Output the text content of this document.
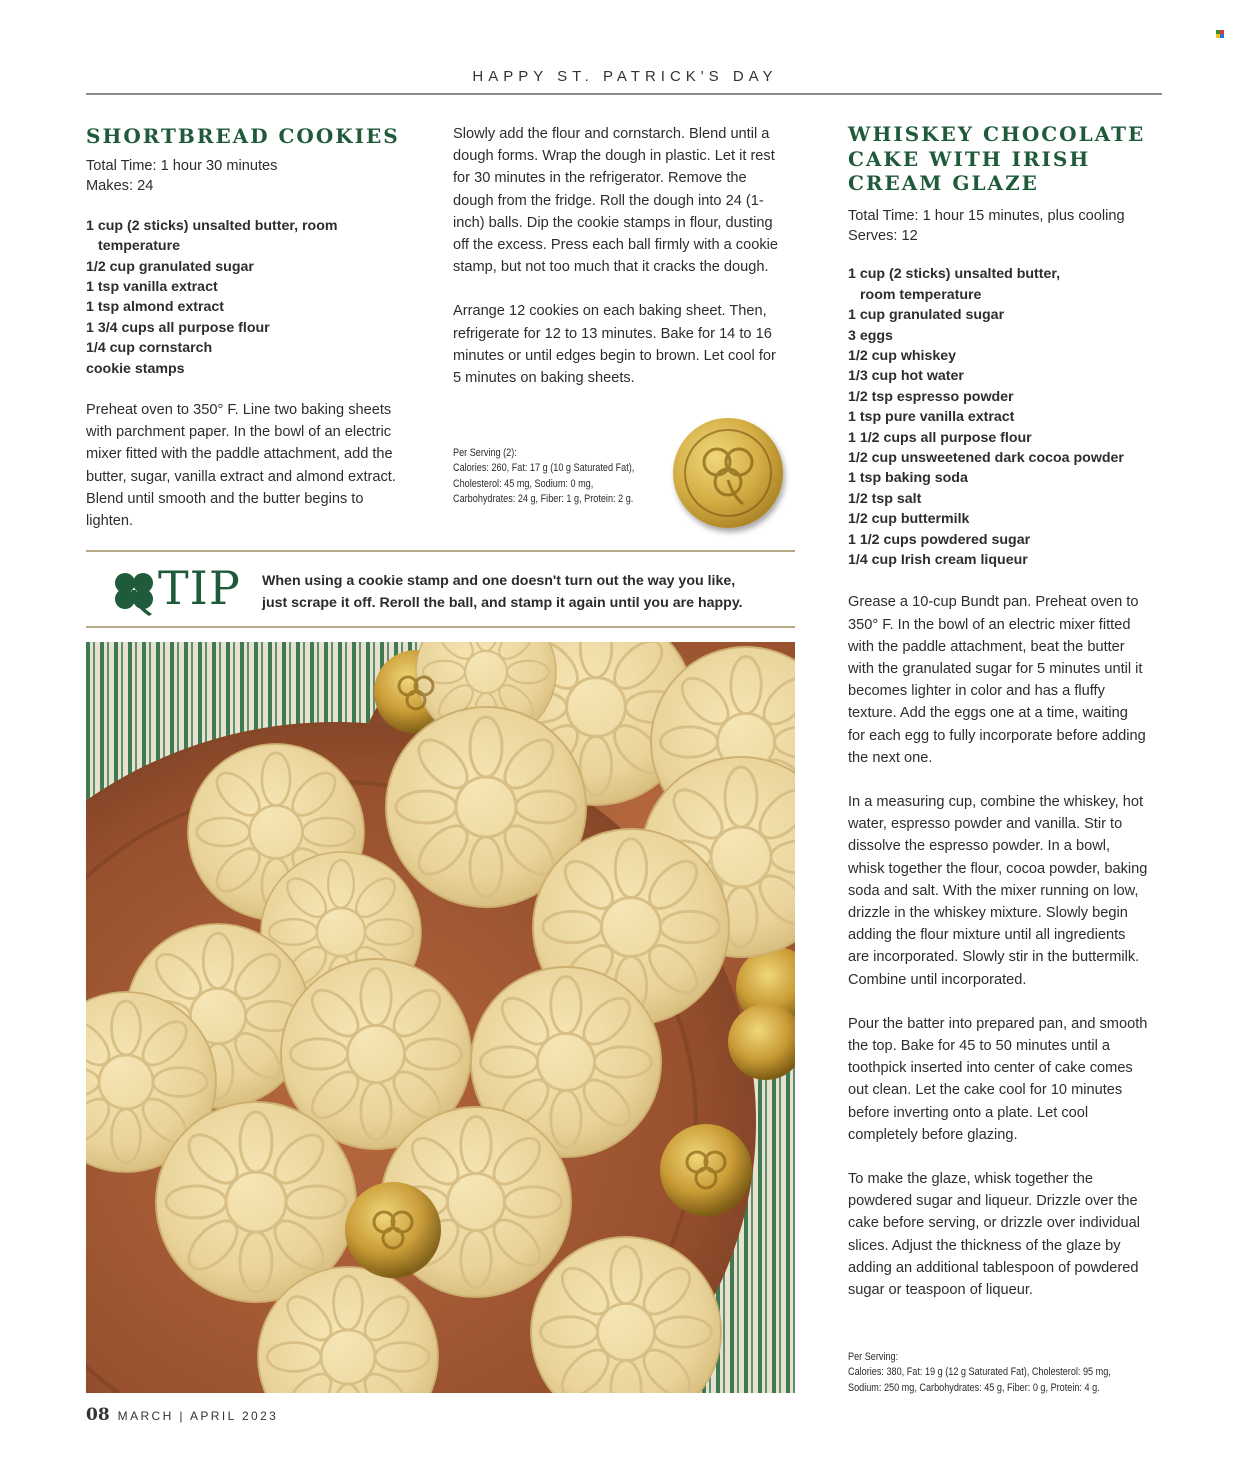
HAPPY ST. PATRICK'S DAY
SHORTBREAD COOKIES
Total Time: 1 hour 30 minutes
Makes: 24
1 cup (2 sticks) unsalted butter, room temperature
1/2 cup granulated sugar
1 tsp vanilla extract
1 tsp almond extract
1 3/4 cups all purpose flour
1/4 cup cornstarch
cookie stamps

Preheat oven to 350° F. Line two baking sheets with parchment paper. In the bowl of an electric mixer fitted with the paddle attachment, add the butter, sugar, vanilla extract and almond extract. Blend until smooth and the butter begins to lighten.

Slowly add the flour and cornstarch. Blend until a dough forms. Wrap the dough in plastic. Let it rest for 30 minutes in the refrigerator. Remove the dough from the fridge. Roll the dough into 24 (1-inch) balls. Dip the cookie stamps in flour, dusting off the excess. Press each ball firmly with a cookie stamp, but not too much that it cracks the dough.

Arrange 12 cookies on each baking sheet. Then, refrigerate for 12 to 13 minutes. Bake for 14 to 16 minutes or until edges begin to brown. Let cool for 5 minutes on baking sheets.

Per Serving (2):
Calories: 260, Fat: 17 g (10 g Saturated Fat),
Cholesterol: 45 mg, Sodium: 0 mg,
Carbohydrates: 24 g, Fiber: 1 g, Protein: 2 g.
TIP When using a cookie stamp and one doesn't turn out the way you like,
just scrape it off. Reroll the ball, and stamp it again until you are happy.
WHISKEY CHOCOLATE
CAKE WITH IRISH
CREAM GLAZE
Total Time: 1 hour 15 minutes, plus cooling
Serves: 12
1 cup (2 sticks) unsalted butter, room temperature
1 cup granulated sugar
3 eggs
1/2 cup whiskey
1/3 cup hot water
1/2 tsp espresso powder
1 tsp pure vanilla extract
1 1/2 cups all purpose flour
1/2 cup unsweetened dark cocoa powder
1 tsp baking soda
1/2 tsp salt
1/2 cup buttermilk
1 1/2 cups powdered sugar
1/4 cup Irish cream liqueur

Grease a 10-cup Bundt pan. Preheat oven to 350° F. In the bowl of an electric mixer fitted with the paddle attachment, beat the butter with the granulated sugar for 5 minutes until it becomes lighter in color and has a fluffy texture. Add the eggs one at a time, waiting for each egg to fully incorporate before adding the next one.

In a measuring cup, combine the whiskey, hot water, espresso powder and vanilla. Stir to dissolve the espresso powder. In a bowl, whisk together the flour, cocoa powder, baking soda and salt. With the mixer running on low, drizzle in the whiskey mixture. Slowly begin adding the flour mixture until all ingredients are incorporated. Slowly stir in the buttermilk. Combine until incorporated.

Pour the batter into prepared pan, and smooth the top. Bake for 45 to 50 minutes until a toothpick inserted into center of cake comes out clean. Let the cake cool for 10 minutes before inverting onto a plate. Let cool completely before glazing.

To make the glaze, whisk together the powdered sugar and liqueur. Drizzle over the cake before serving, or drizzle over individual slices. Adjust the thickness of the glaze by adding an additional tablespoon of powdered sugar or teaspoon of liqueur.

Per Serving:
Calories: 380, Fat: 19 g (12 g Saturated Fat), Cholesterol: 95 mg,
Sodium: 250 mg, Carbohydrates: 45 g, Fiber: 0 g, Protein: 4 g.
08 MARCH | APRIL 2023
